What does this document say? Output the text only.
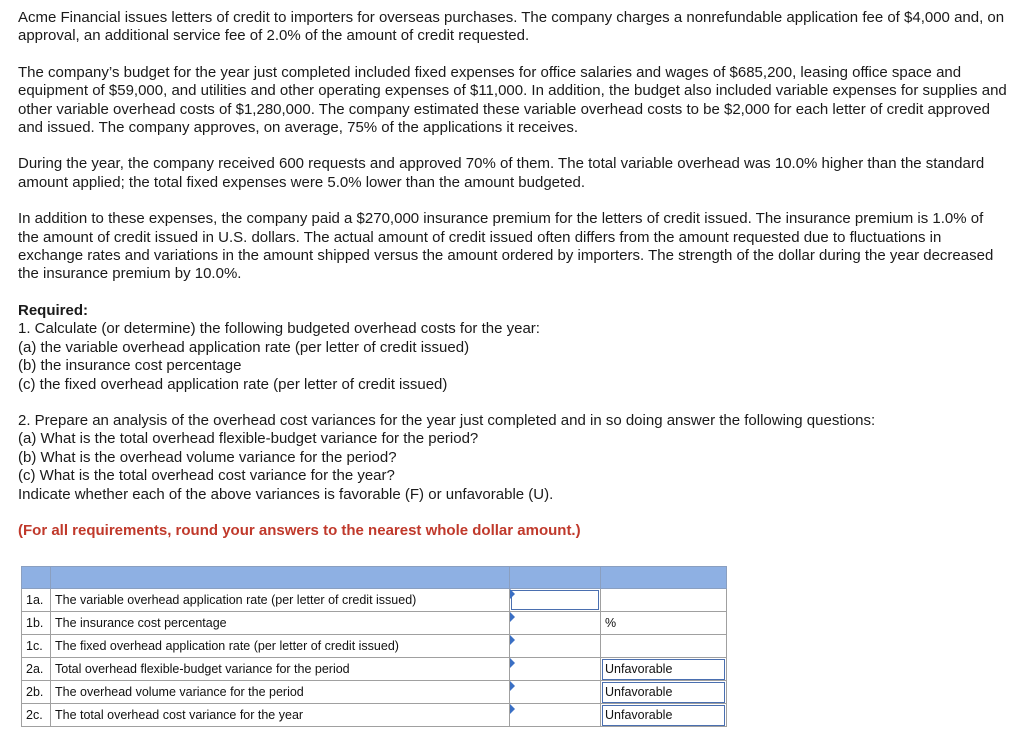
Acme Financial issues letters of credit to importers for overseas purchases. The company charges a nonrefundable application fee of $4,000 and, on approval, an additional service fee of 2.0% of the amount of credit requested.

The company’s budget for the year just completed included fixed expenses for office salaries and wages of $685,200, leasing office space and equipment of $59,000, and utilities and other operating expenses of $11,000. In addition, the budget also included variable expenses for supplies and other variable overhead costs of $1,280,000. The company estimated these variable overhead costs to be $2,000 for each letter of credit approved and issued. The company approves, on average, 75% of the applications it receives.

During the year, the company received 600 requests and approved 70% of them. The total variable overhead was 10.0% higher than the standard amount applied; the total fixed expenses were 5.0% lower than the amount budgeted.

In addition to these expenses, the company paid a $270,000 insurance premium for the letters of credit issued. The insurance premium is 1.0% of the amount of credit issued in U.S. dollars. The actual amount of credit issued often differs from the amount requested due to fluctuations in exchange rates and variations in the amount shipped versus the amount ordered by importers. The strength of the dollar during the year decreased the insurance premium by 10.0%.

Required:

1. Calculate (or determine) the following budgeted overhead costs for the year:

(a) the variable overhead application rate (per letter of credit issued)

(b) the insurance cost percentage

(c) the fixed overhead application rate (per letter of credit issued)

2. Prepare an analysis of the overhead cost variances for the year just completed and in so doing answer the following questions:

(a) What is the total overhead flexible-budget variance for the period?

(b) What is the overhead volume variance for the period?

(c) What is the total overhead cost variance for the year?

Indicate whether each of the above variances is favorable (F) or unfavorable (U).

(For all requirements, round your answers to the nearest whole dollar amount.)

1a.	The variable overhead application rate (per letter of credit issued)	

1b.	The insurance cost percentage		%
1c.	The fixed overhead application rate (per letter of credit issued)	

2a.	Total overhead flexible-budget variance for the period		Unfavorable

2b.	The overhead volume variance for the period		Unfavorable

2c.	The total overhead cost variance for the year		Unfavorable
